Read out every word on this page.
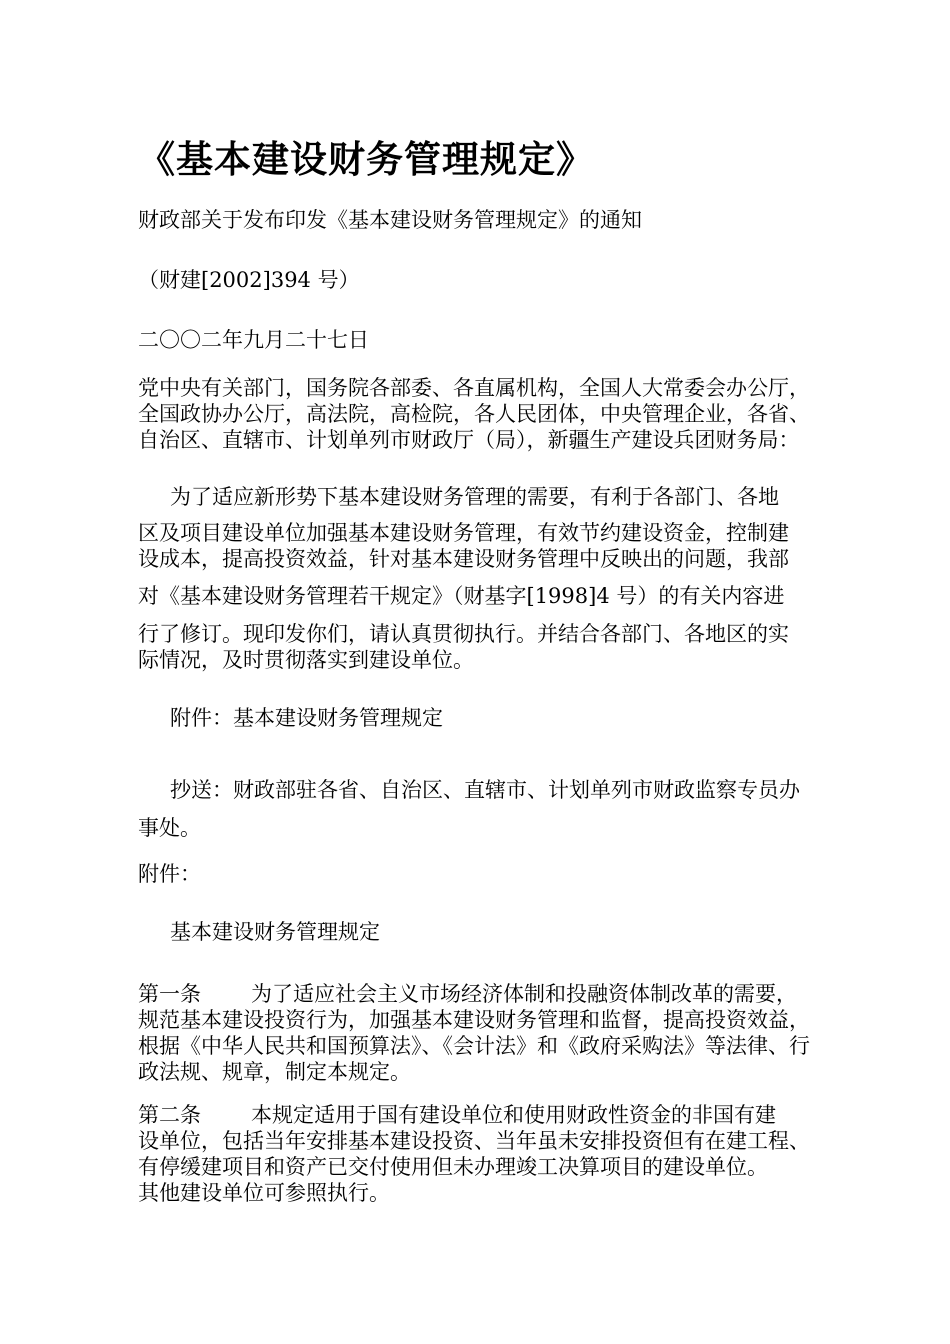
《基本建设财务管理规定》
财政部关于发布印发《基本建设财务管理规定》的通知
（财建[2002]394 号）
二〇〇二年九月二十七日
党中央有关部门，国务院各部委、各直属机构，全国人大常委会办公厅，
全国政协办公厅，高法院，高检院，各人民团体，中央管理企业，各省、
自治区、直辖市、计划单列市财政厅（局），新疆生产建设兵团财务局：
为了适应新形势下基本建设财务管理的需要，有利于各部门、各地
区及项目建设单位加强基本建设财务管理，有效节约建设资金，控制建
设成本，提高投资效益，针对基本建设财务管理中反映出的问题，我部
对《基本建设财务管理若干规定》（财基字[1998]4 号）的有关内容进
行了修订。现印发你们，请认真贯彻执行。并结合各部门、各地区的实
际情况，及时贯彻落实到建设单位。
附件：基本建设财务管理规定
抄送：财政部驻各省、自治区、直辖市、计划单列市财政监察专员办
事处。
附件：
基本建设财务管理规定
第一条 为了适应社会主义市场经济体制和投融资体制改革的需要，
规范基本建设投资行为，加强基本建设财务管理和监督，提高投资效益，
根据《中华人民共和国预算法》、《会计法》和《政府采购法》等法律、行
政法规、规章，制定本规定。
第二条 本规定适用于国有建设单位和使用财政性资金的非国有建
设单位，包括当年安排基本建设投资、当年虽未安排投资但有在建工程、
有停缓建项目和资产已交付使用但未办理竣工决算项目的建设单位。
其他建设单位可参照执行。
